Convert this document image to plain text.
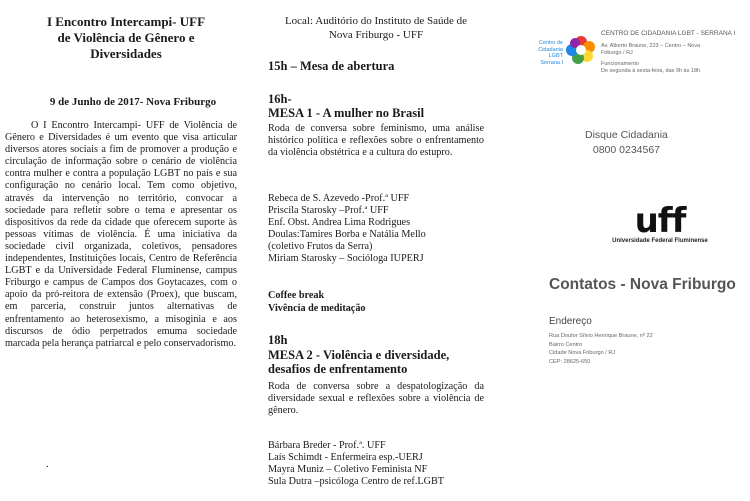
I Encontro Intercampi- UFF
de Violência de Gênero e
Diversidades
9 de Junho de 2017- Nova Friburgo
O I Encontro Intercampi- UFF de Violência de Gênero e Diversidades é um evento que visa articular diversos atores sociais a fim de promover a produção e circulação de informação sobre o cenário de violência contra mulher e contra a população LGBT no país e sua configuração no cenário local. Tem como objetivo, através da intervenção no território, convocar a sociedade para refletir sobre o tema e apresentar os dispositivos da rede da cidade que oferecem suporte às pessoas vítimas de violência. É uma iniciativa da sociedade civil organizada, coletivos, pensadores independentes, Instituições locais, Centro de Referência LGBT e da Universidade Federal Fluminense, campus Friburgo e campus de Campos dos Goytacazes, com o apoio da pró-reitora de extensão (Proex), que buscam, em parceria, construir juntos alternativas de enfrentamento ao heterosexismo, a misoginia e aos discursos de ódio perpetrados emuma sociedade marcada pela herança patriarcal e pelo conservadorismo.
.
Local: Auditório do Instituto de Saúde de
Nova Friburgo - UFF
15h – Mesa de abertura
16h-
MESA 1 - A mulher no Brasil
Roda de conversa sobre feminismo, uma análise histórico política e reflexões sobre o enfrentamento da violência obstétrica e a cultura do estupro.
Rebeca de S. Azevedo -Prof.ª UFF
Priscila Starosky –Prof.ª UFF
Enf. Obst. Andrea Lima Rodrigues
Doulas:Tamires Borba e Natália Mello
(coletivo Frutos da Serra)
Miriam Starosky – Socióloga IUPERJ
Coffee break
Vivência de meditação
18h
MESA 2 - Violência e diversidade, desafios de enfrentamento
Roda de conversa sobre a despatologização da diversidade sexual e reflexões sobre a violência de gênero.
Bárbara Breder - Prof.ª. UFF
Laís Schimdt - Enfermeira esp.-UERJ
Mayra Muniz – Coletivo Feminista NF
Sula Dutra –psicóloga Centro de ref.LGBT
Centro de
Cidadania LGBT
Serrana I
CENTRO DE CIDADANIA LGBT - SERRANA I
Av. Alberto Braune, 223 – Centro – Nova
Friburgo / RJ
Funcionamento
De segunda à sexta-feira, das 9h às 18h
Disque Cidadania
0800 0234567
uff
Universidade Federal Fluminense
Contatos - Nova Friburgo
Endereço
Rua Doutor Sílvio Henrique Braune, nº 22
Bairro Centro
Cidade Nova Friburgo / RJ
CEP: 28625-650
